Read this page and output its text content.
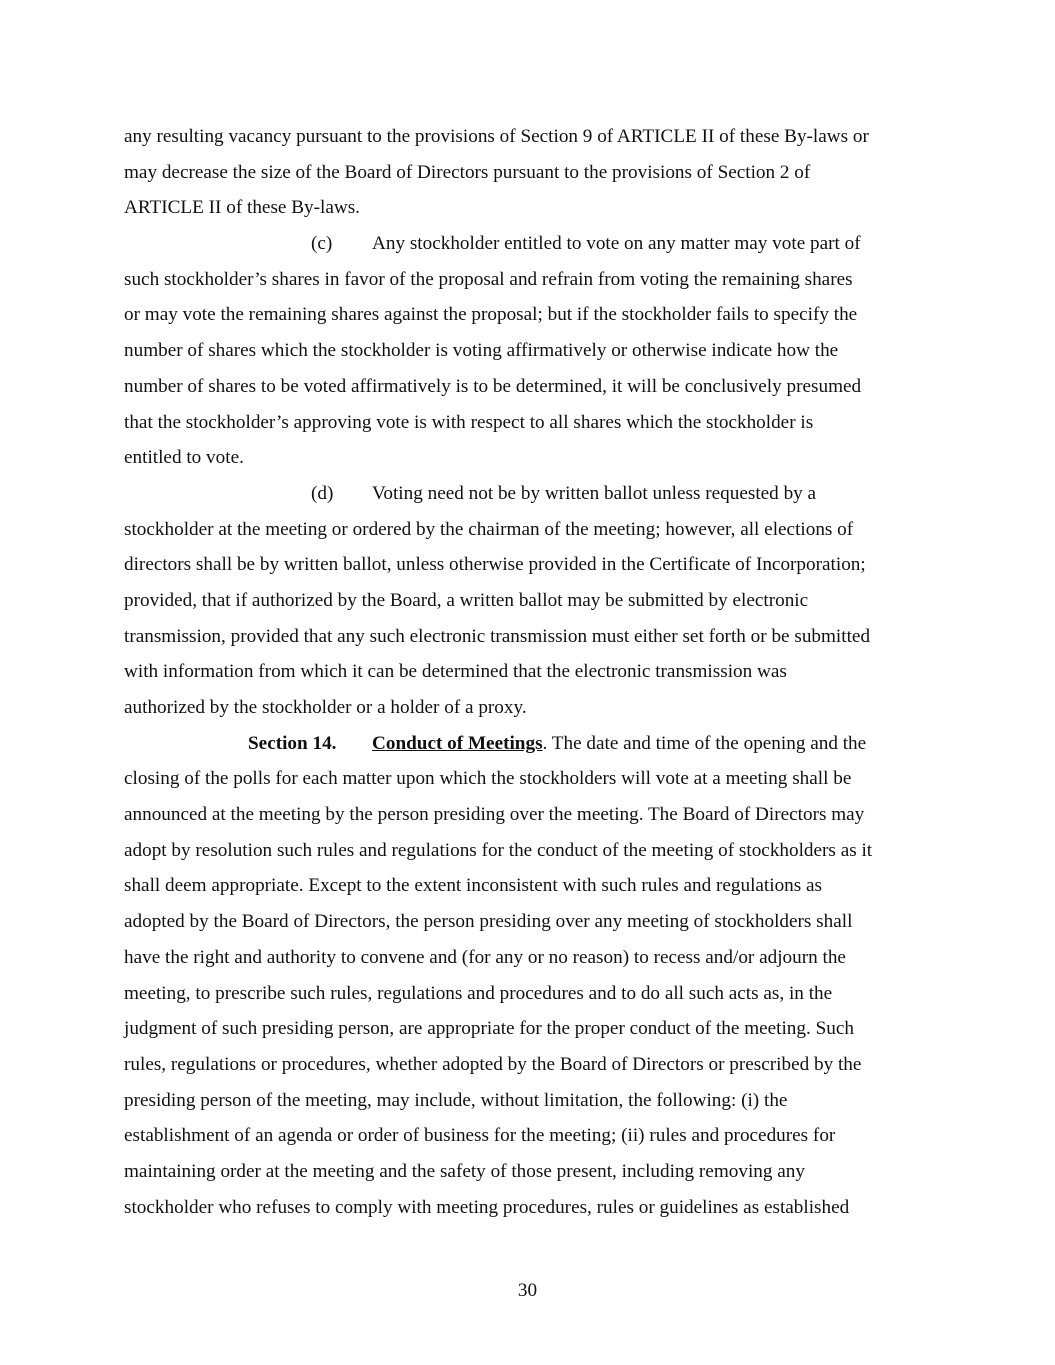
any resulting vacancy pursuant to the provisions of Section 9 of ARTICLE II of these By-laws or
may decrease the size of the Board of Directors pursuant to the provisions of Section 2 of
ARTICLE II of these By-laws.
(c) Any stockholder entitled to vote on any matter may vote part of
such stockholder’s shares in favor of the proposal and refrain from voting the remaining shares
or may vote the remaining shares against the proposal; but if the stockholder fails to specify the
number of shares which the stockholder is voting affirmatively or otherwise indicate how the
number of shares to be voted affirmatively is to be determined, it will be conclusively presumed
that the stockholder’s approving vote is with respect to all shares which the stockholder is
entitled to vote.
(d) Voting need not be by written ballot unless requested by a
stockholder at the meeting or ordered by the chairman of the meeting; however, all elections of
directors shall be by written ballot, unless otherwise provided in the Certificate of Incorporation;
provided, that if authorized by the Board, a written ballot may be submitted by electronic
transmission, provided that any such electronic transmission must either set forth or be submitted
with information from which it can be determined that the electronic transmission was
authorized by the stockholder or a holder of a proxy.
Section 14. Conduct of Meetings. The date and time of the opening and the
closing of the polls for each matter upon which the stockholders will vote at a meeting shall be
announced at the meeting by the person presiding over the meeting. The Board of Directors may
adopt by resolution such rules and regulations for the conduct of the meeting of stockholders as it
shall deem appropriate. Except to the extent inconsistent with such rules and regulations as
adopted by the Board of Directors, the person presiding over any meeting of stockholders shall
have the right and authority to convene and (for any or no reason) to recess and/or adjourn the
meeting, to prescribe such rules, regulations and procedures and to do all such acts as, in the
judgment of such presiding person, are appropriate for the proper conduct of the meeting. Such
rules, regulations or procedures, whether adopted by the Board of Directors or prescribed by the
presiding person of the meeting, may include, without limitation, the following: (i) the
establishment of an agenda or order of business for the meeting; (ii) rules and procedures for
maintaining order at the meeting and the safety of those present, including removing any
stockholder who refuses to comply with meeting procedures, rules or guidelines as established
30
